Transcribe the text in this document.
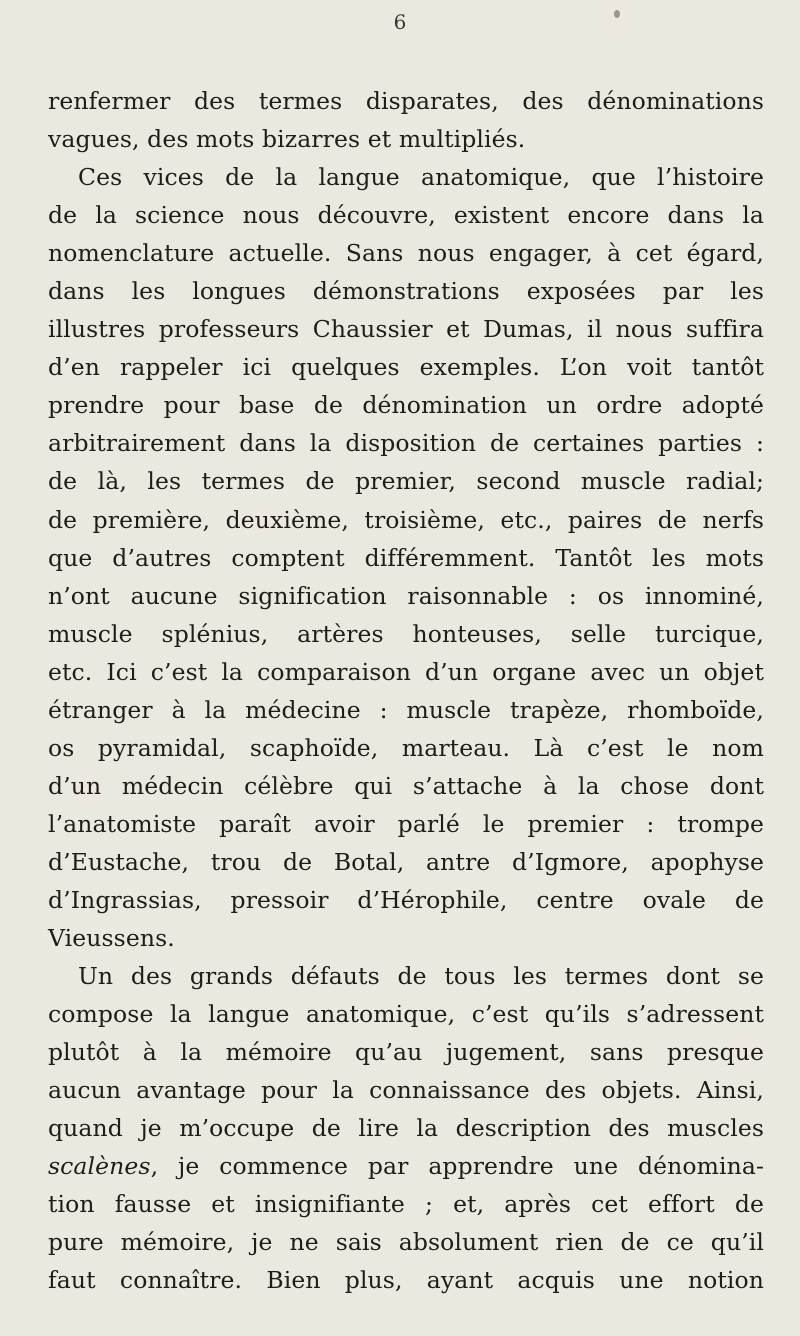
6
renfermer des termes disparates, des dénominations
vagues, des mots bizarres et multipliés.
Ces vices de la langue anatomique, que l’histoire
de la science nous découvre, existent encore dans la
nomenclature actuelle. Sans nous engager, à cet égard,
dans les longues démonstrations exposées par les
illustres professeurs Chaussier et Dumas, il nous suffira
d’en rappeler ici quelques exemples. L’on voit tantôt
prendre pour base de dénomination un ordre adopté
arbitrairement dans la disposition de certaines parties :
de là, les termes de premier, second muscle radial;
de première, deuxième, troisième, etc., paires de nerfs
que d’autres comptent différemment. Tantôt les mots
n’ont aucune signification raisonnable : os innominé,
muscle splénius, artères honteuses, selle turcique,
etc. Ici c’est la comparaison d’un organe avec un objet
étranger à la médecine : muscle trapèze, rhomboïde,
os pyramidal, scaphoïde, marteau. Là c’est le nom
d’un médecin célèbre qui s’attache à la chose dont
l’anatomiste paraît avoir parlé le premier : trompe
d’Eustache, trou de Botal, antre d’Igmore, apophyse
d’Ingrassias, pressoir d’Hérophile, centre ovale de
Vieussens.
Un des grands défauts de tous les termes dont se
compose la langue anatomique, c’est qu’ils s’adressent
plutôt à la mémoire qu’au jugement, sans presque
aucun avantage pour la connaissance des objets. Ainsi,
quand je m’occupe de lire la description des muscles
scalènes, je commence par apprendre une dénomina-
tion fausse et insignifiante ; et, après cet effort de
pure mémoire, je ne sais absolument rien de ce qu’il
faut connaître. Bien plus, ayant acquis une notion
